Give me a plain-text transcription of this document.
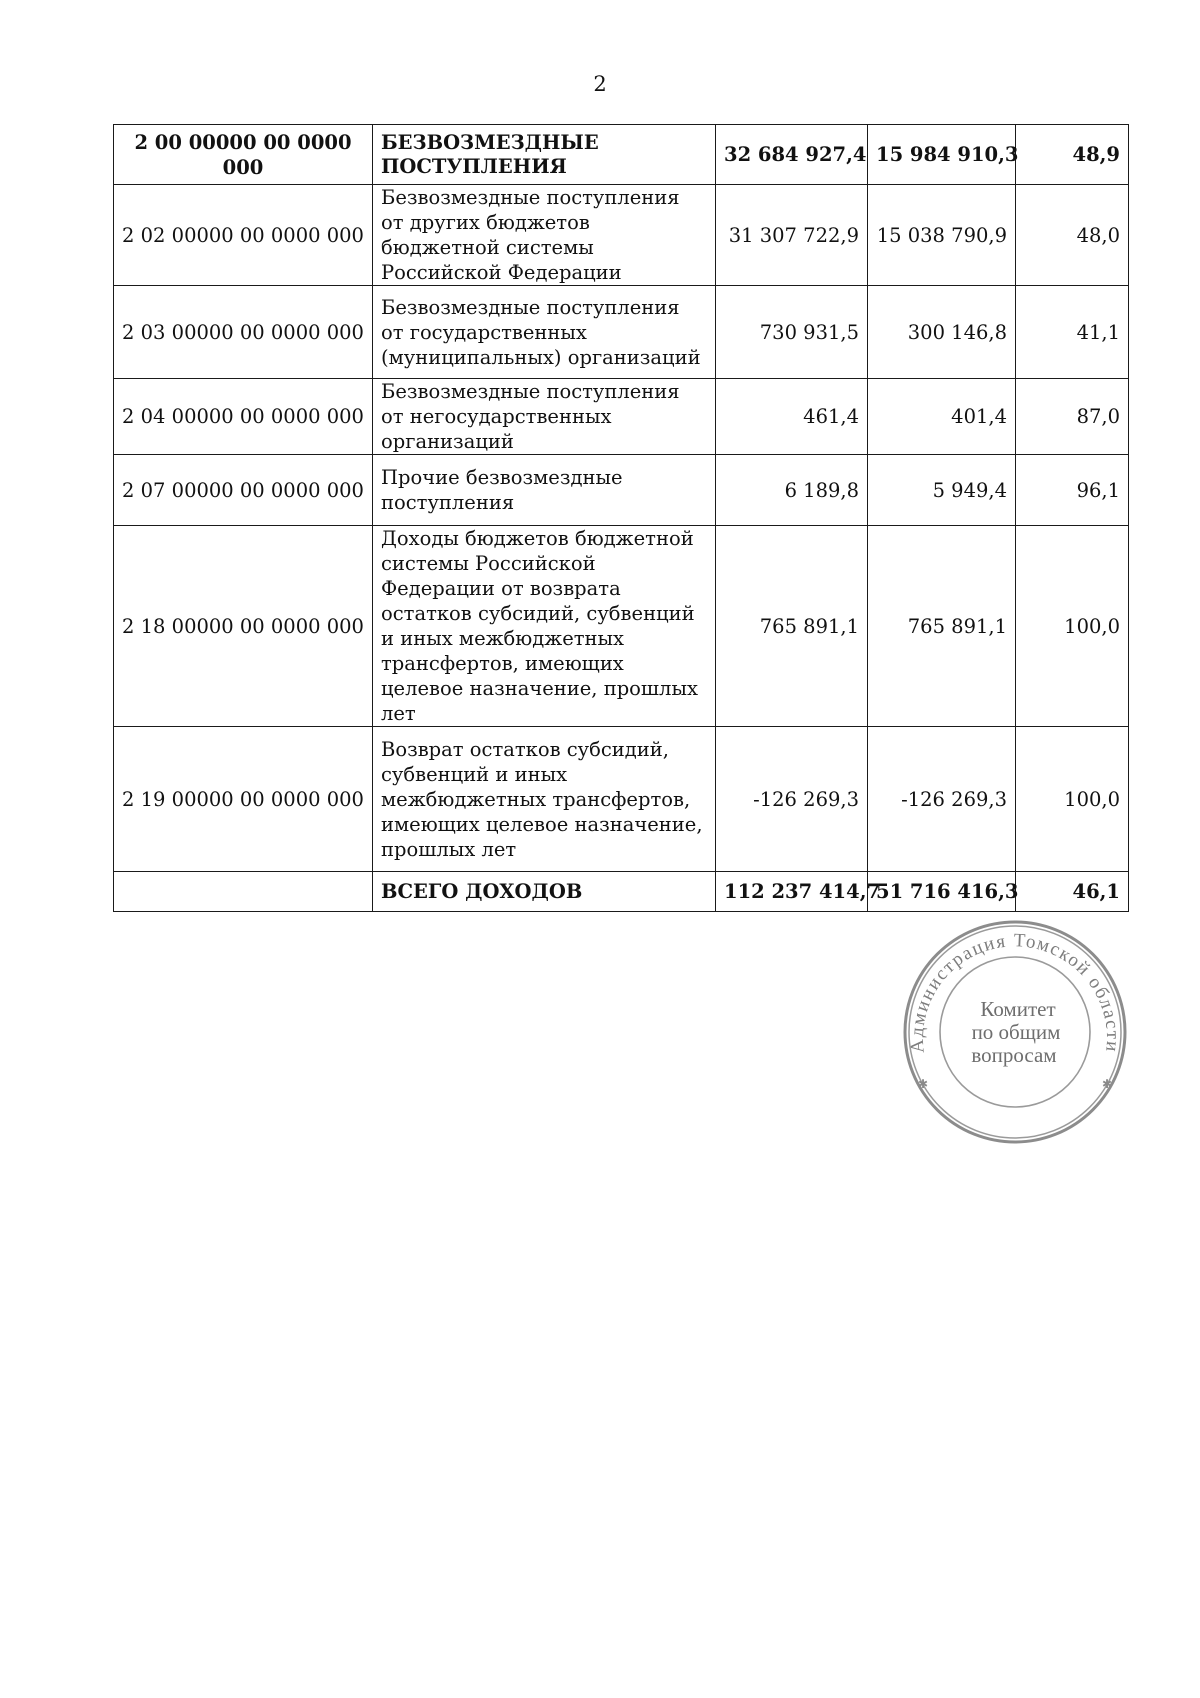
2
2 00 00000 00 0000 000	БЕЗВОЗМЕЗДНЫЕ ПОСТУПЛЕНИЯ	32 684 927,4	15 984 910,3	48,9
2 02 00000 00 0000 000	Безвозмездные поступления от других бюджетов бюджетной системы Российской Федерации	31 307 722,9	15 038 790,9	48,0
2 03 00000 00 0000 000	Безвозмездные поступления от государственных (муниципальных) организаций	730 931,5	300 146,8	41,1
2 04 00000 00 0000 000	Безвозмездные поступления от негосударственных организаций	461,4	401,4	87,0
2 07 00000 00 0000 000	Прочие безвозмездные поступления	6 189,8	5 949,4	96,1
2 18 00000 00 0000 000	Доходы бюджетов бюджетной системы Российской Федерации от возврата остатков субсидий, субвенций и иных межбюджетных трансфертов, имеющих целевое назначение, прошлых лет	765 891,1	765 891,1	100,0
2 19 00000 00 0000 000	Возврат остатков субсидий, субвенций и иных межбюджетных трансфертов, имеющих целевое назначение, прошлых лет	-126 269,3	-126 269,3	100,0
	ВСЕГО ДОХОДОВ	112 237 414,7	51 716 416,3	46,1
Администрация Томской области
✱	✱
Комитет
по общим
вопросам
